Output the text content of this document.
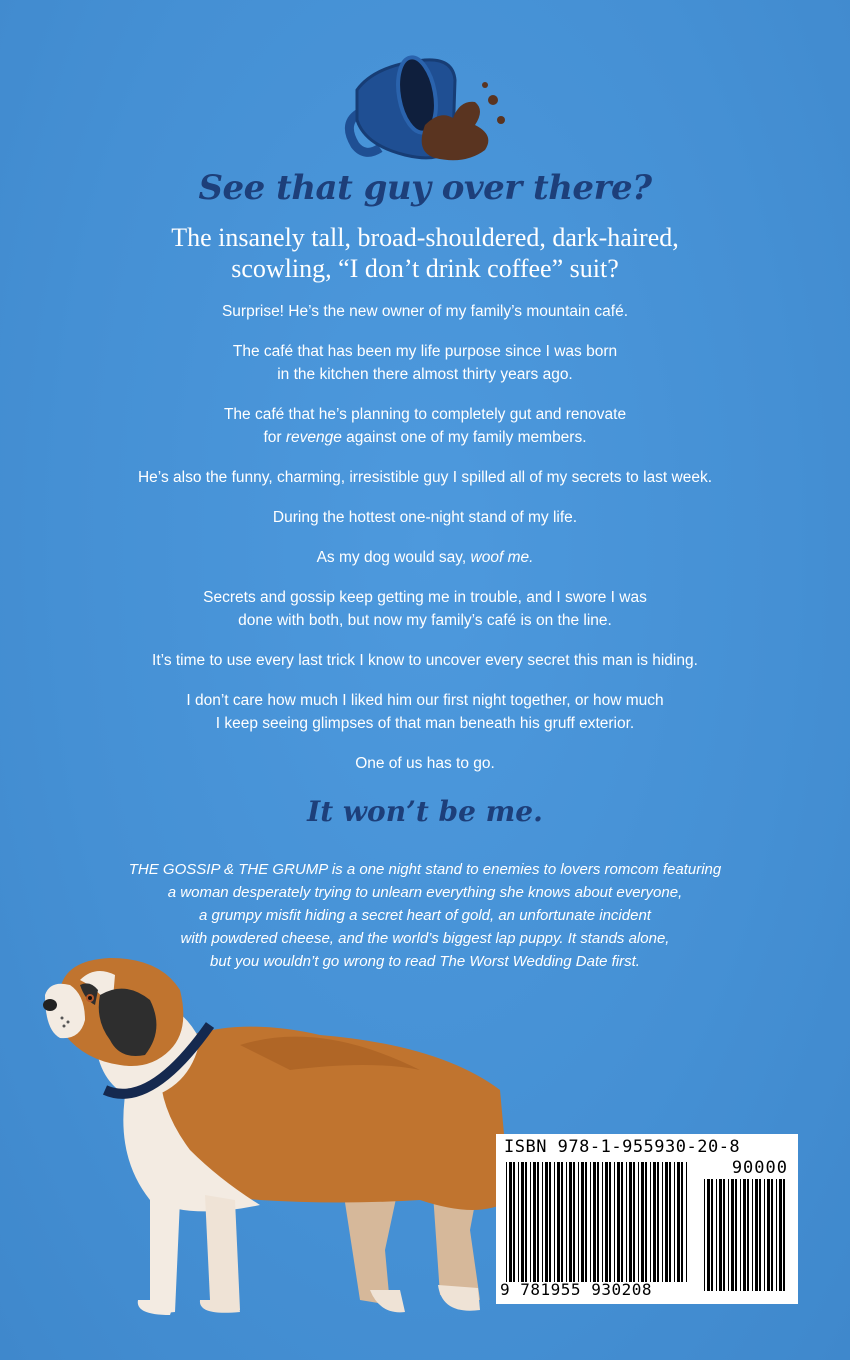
See that guy over there?
The insanely tall, broad-shouldered, dark-haired,
scowling, “I don’t drink coffee” suit?

Surprise! He’s the new owner of my family’s mountain café.

The café that has been my life purpose since I was born
in the kitchen there almost thirty years ago.

The café that he’s planning to completely gut and renovate
for revenge against one of my family members.

He’s also the funny, charming, irresistible guy I spilled all of my secrets to last week.

During the hottest one-night stand of my life.

As my dog would say, woof me.

Secrets and gossip keep getting me in trouble, and I swore I was
done with both, but now my family’s café is on the line.

It’s time to use every last trick I know to uncover every secret this man is hiding.

I don’t care how much I liked him our first night together, or how much
I keep seeing glimpses of that man beneath his gruff exterior.

One of us has to go.

It won’t be me.
THE GOSSIP & THE GRUMP is a one night stand to enemies to lovers romcom featuring
a woman desperately trying to unlearn everything she knows about everyone,
a grumpy misfit hiding a secret heart of gold, an unfortunate incident
with powdered cheese, and the world’s biggest lap puppy. It stands alone,
but you wouldn’t go wrong to read The Worst Wedding Date first.
ISBN 978-1-955930-20-8
90000
9 781955 930208
